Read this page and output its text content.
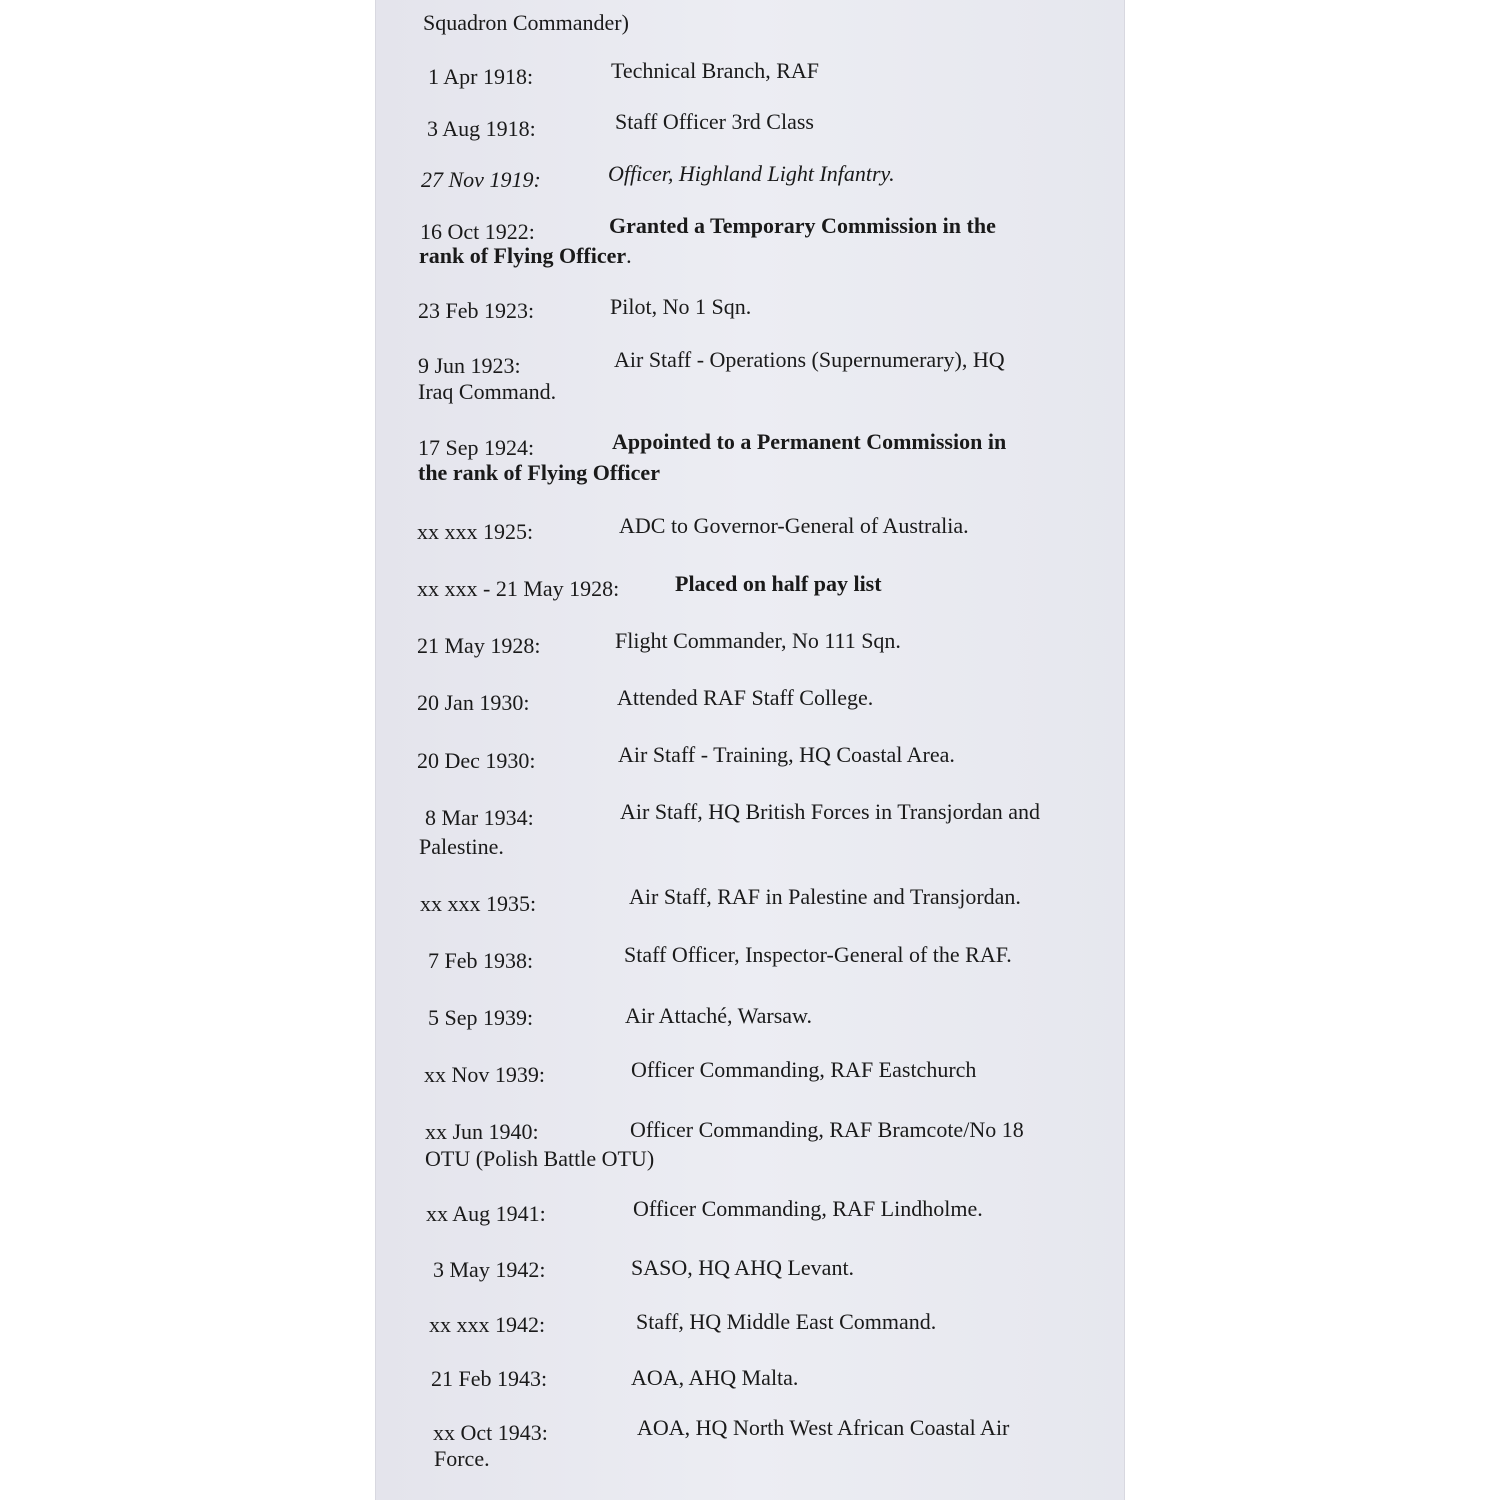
Squadron Commander)
1 Apr 1918:	Technical Branch, RAF
3 Aug 1918:	Staff Officer 3rd Class
27 Nov 1919:	Officer, Highland Light Infantry.
16 Oct 1922:	Granted a Temporary Commission in the
rank of Flying Officer.
23 Feb 1923:	Pilot, No 1 Sqn.
9 Jun 1923:	Air Staff - Operations (Supernumerary), HQ
Iraq Command.
17 Sep 1924:	Appointed to a Permanent Commission in
the rank of Flying Officer
xx xxx 1925:	ADC to Governor-General of Australia.
xx xxx - 21 May 1928:	Placed on half pay list
21 May 1928:	Flight Commander, No 111 Sqn.
20 Jan 1930:	Attended RAF Staff College.
20 Dec 1930:	Air Staff - Training, HQ Coastal Area.
8 Mar 1934:	Air Staff, HQ British Forces in Transjordan and
Palestine.
xx xxx 1935:	Air Staff, RAF in Palestine and Transjordan.
7 Feb 1938:	Staff Officer, Inspector-General of the RAF.
5 Sep 1939:	Air Attaché, Warsaw.
xx Nov 1939:	Officer Commanding, RAF Eastchurch
xx Jun 1940:	Officer Commanding, RAF Bramcote/No 18
OTU (Polish Battle OTU)
xx Aug 1941:	Officer Commanding, RAF Lindholme.
3 May 1942:	SASO, HQ AHQ Levant.
xx xxx 1942:	Staff, HQ Middle East Command.
21 Feb 1943:	AOA, AHQ Malta.
xx Oct 1943:	AOA, HQ North West African Coastal Air
Force.
